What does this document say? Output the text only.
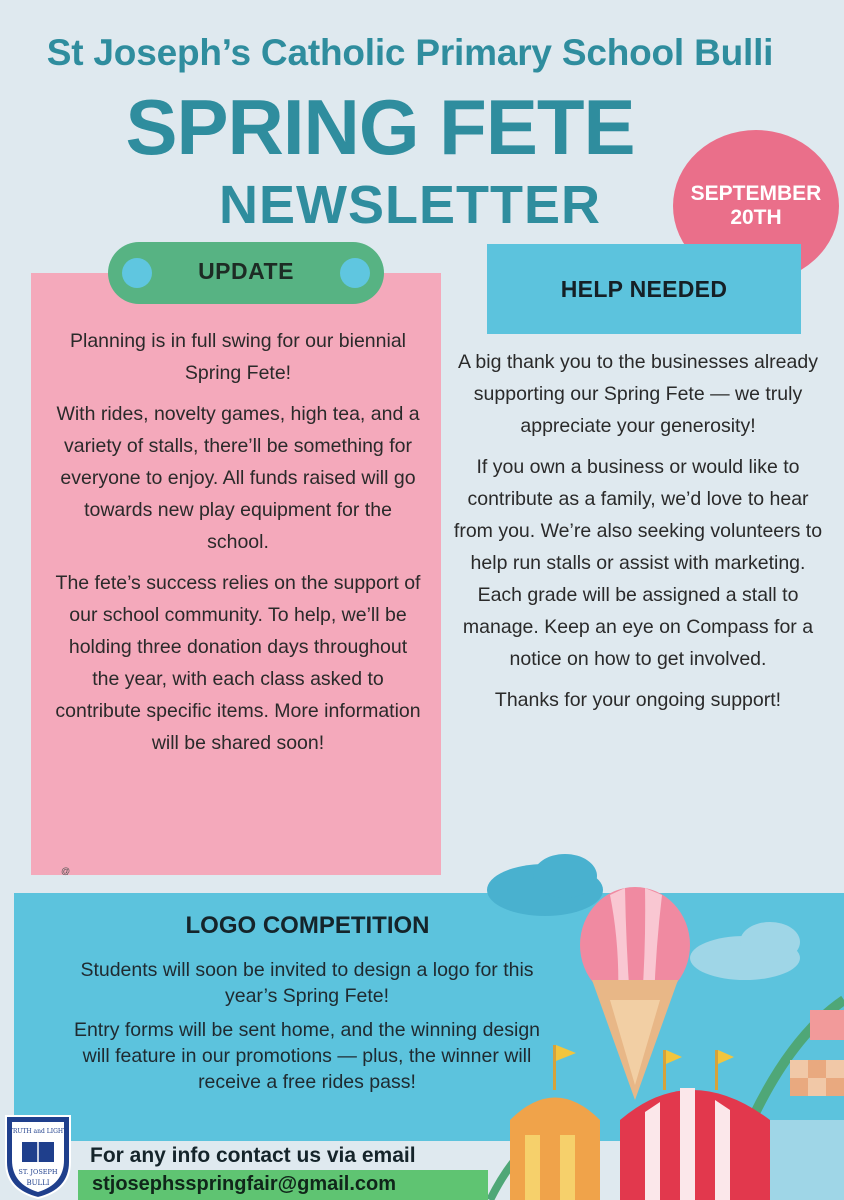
St Joseph’s Catholic Primary School Bulli
SPRING FETE
NEWSLETTER	SEPTEMBER
20TH
UPDATE

Planning is in full swing for our biennial Spring Fete!

With rides, novelty games, high tea, and a variety of stalls, there’ll be something for everyone to enjoy. All funds raised will go towards new play equipment for the school.

The fete’s success relies on the support of our school community. To help, we’ll be holding three donation days throughout the year, with each class asked to contribute specific items. More information will be shared soon!

@
HELP NEEDED

A big thank you to the businesses already supporting our Spring Fete — we truly appreciate your generosity!

If you own a business or would like to contribute as a family, we’d love to hear from you. We’re also seeking volunteers to help run stalls or assist with marketing. Each grade will be assigned a stall to manage. Keep an eye on Compass for a notice on how to get involved.

Thanks for your ongoing support!

LOGO COMPETITION

Students will soon be invited to design a logo for this year’s Spring Fete!

Entry forms will be sent home, and the winning design will feature in our promotions — plus, the winner will receive a free rides pass!

For any info contact us via email
stjosephsspringfair@gmail.com
TRUTH and LIGHT
ST. JOSEPH
BULLI
